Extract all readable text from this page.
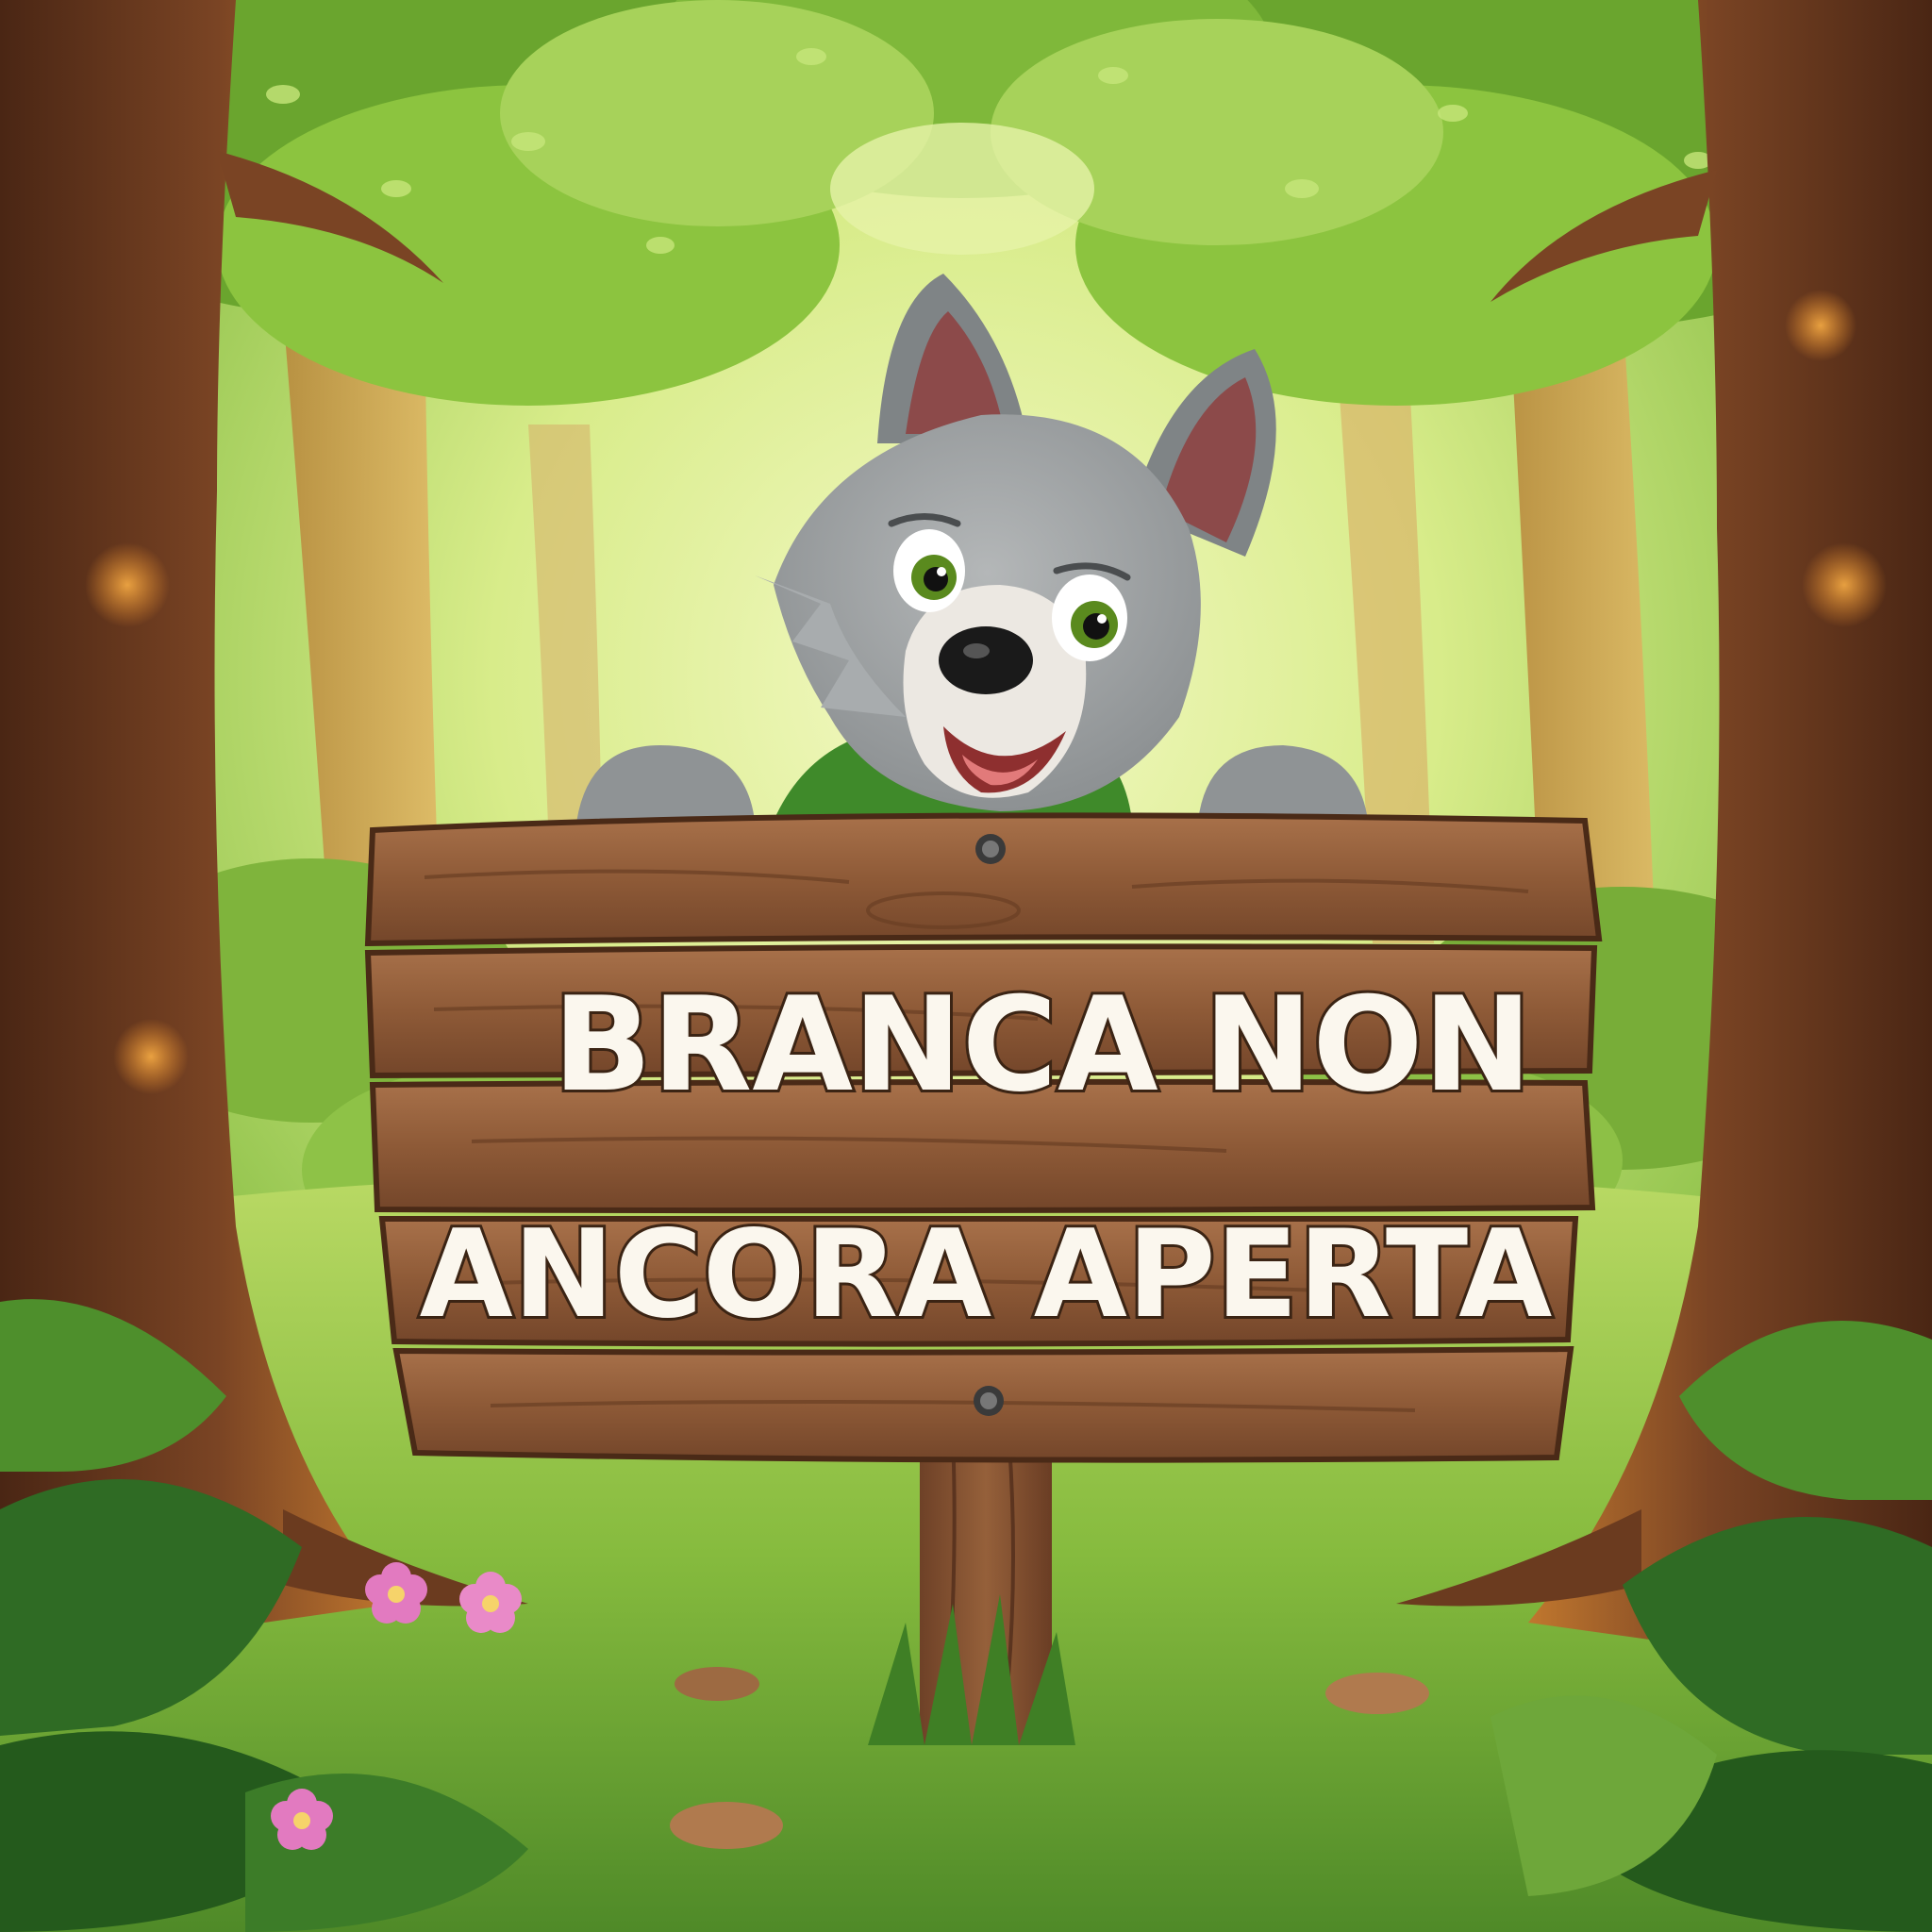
BRANCA NON
ANCORA APERTA
